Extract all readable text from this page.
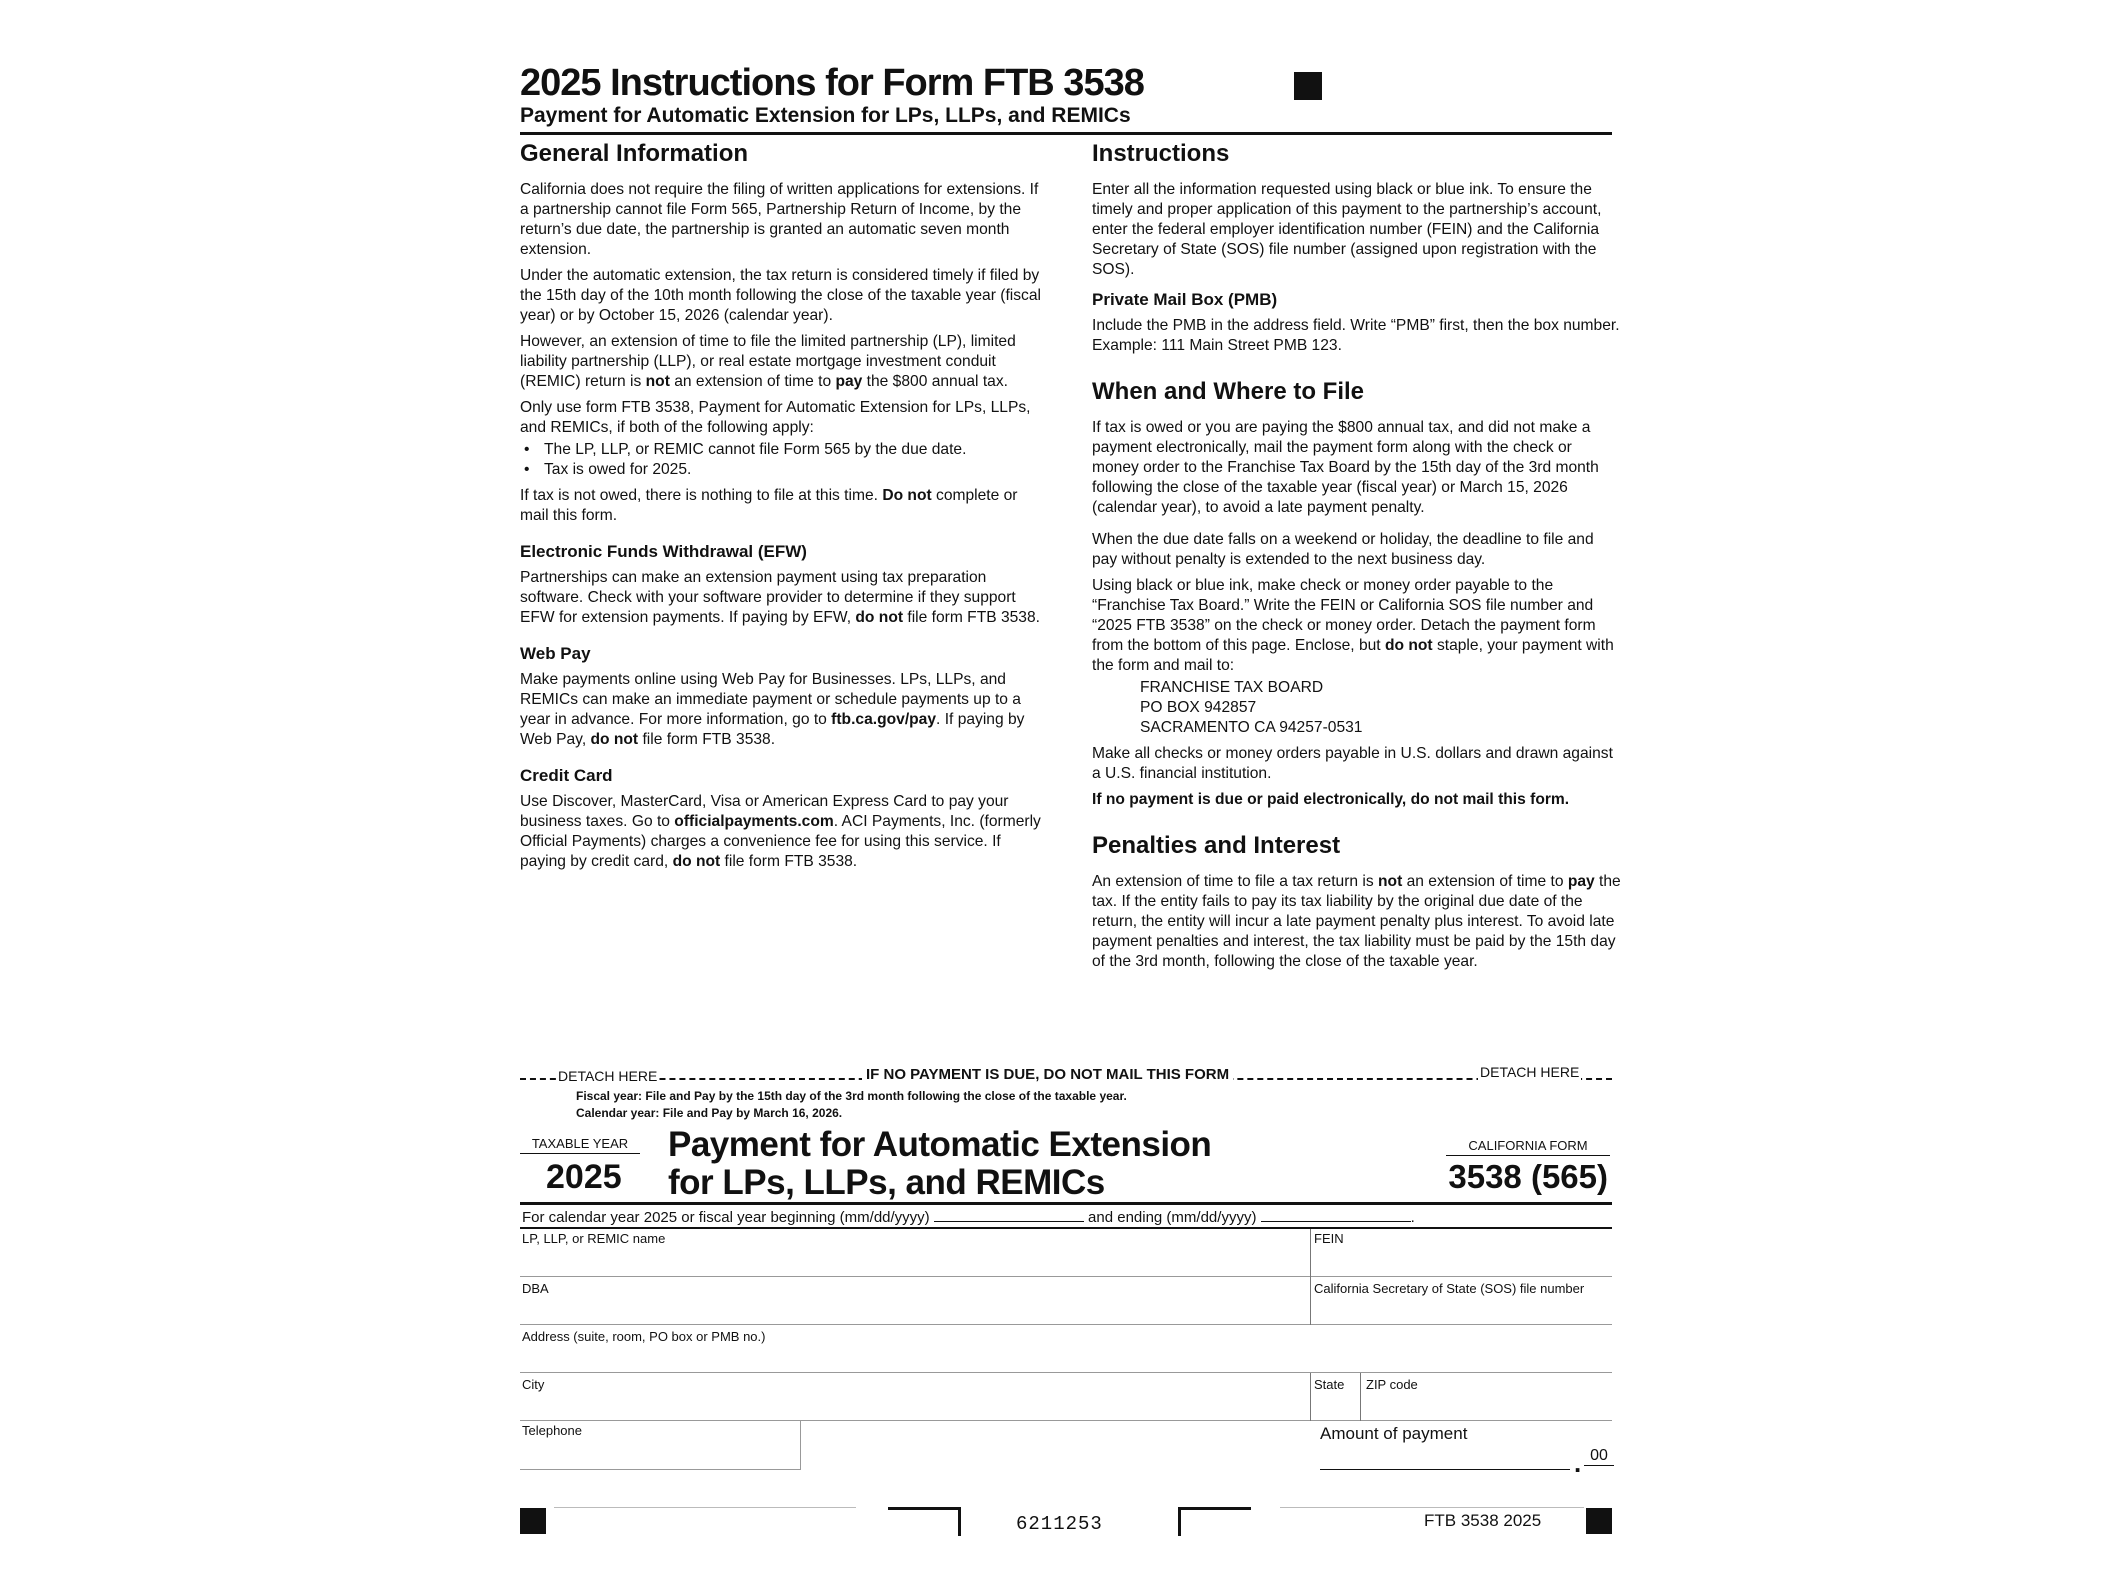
2025 Instructions for Form FTB 3538
Payment for Automatic Extension for LPs, LLPs, and REMICs
General Information

California does not require the filing of written applications for extensions. If a partnership cannot file Form 565, Partnership Return of Income, by the return’s due date, the partnership is granted an automatic seven month extension.

Under the automatic extension, the tax return is considered timely if filed by the 15th day of the 10th month following the close of the taxable year (fiscal year) or by October 15, 2026 (calendar year).

However, an extension of time to file the limited partnership (LP), limited liability partnership (LLP), or real estate mortgage investment conduit (REMIC) return is not an extension of time to pay the $800 annual tax.

Only use form FTB 3538, Payment for Automatic Extension for LPs, LLPs, and REMICs, if both of the following apply:

• The LP, LLP, or REMIC cannot file Form 565 by the due date.
• Tax is owed for 2025.

If tax is not owed, there is nothing to file at this time. Do not complete or mail this form.

Electronic Funds Withdrawal (EFW)

Partnerships can make an extension payment using tax preparation software. Check with your software provider to determine if they support EFW for extension payments. If paying by EFW, do not file form FTB 3538.

Web Pay

Make payments online using Web Pay for Businesses. LPs, LLPs, and REMICs can make an immediate payment or schedule payments up to a year in advance. For more information, go to ftb.ca.gov/pay. If paying by Web Pay, do not file form FTB 3538.

Credit Card

Use Discover, MasterCard, Visa or American Express Card to pay your business taxes. Go to officialpayments.com. ACI Payments, Inc. (formerly Official Payments) charges a convenience fee for using this service. If paying by credit card, do not file form FTB 3538.

Instructions

Enter all the information requested using black or blue ink. To ensure the timely and proper application of this payment to the partnership’s account, enter the federal employer identification number (FEIN) and the California Secretary of State (SOS) file number (assigned upon registration with the SOS).

Private Mail Box (PMB)

Include the PMB in the address field. Write “PMB” first, then the box number. Example: 111 Main Street PMB 123.

When and Where to File

If tax is owed or you are paying the $800 annual tax, and did not make a payment electronically, mail the payment form along with the check or money order to the Franchise Tax Board by the 15th day of the 3rd month following the close of the taxable year (fiscal year) or March 15, 2026 (calendar year), to avoid a late payment penalty.

When the due date falls on a weekend or holiday, the deadline to file and pay without penalty is extended to the next business day.

Using black or blue ink, make check or money order payable to the “Franchise Tax Board.” Write the FEIN or California SOS file number and “2025 FTB 3538” on the check or money order. Detach the payment form from the bottom of this page. Enclose, but do not staple, your payment with the form and mail to:

FRANCHISE TAX BOARD
PO BOX 942857
SACRAMENTO CA 94257-0531

Make all checks or money orders payable in U.S. dollars and drawn against a U.S. financial institution.

If no payment is due or paid electronically, do not mail this form.

Penalties and Interest

An extension of time to file a tax return is not an extension of time to pay the tax. If the entity fails to pay its tax liability by the original due date of the return, the entity will incur a late payment penalty plus interest. To avoid late payment penalties and interest, the tax liability must be paid by the 15th day of the 3rd month, following the close of the taxable year.

DETACH HERE	IF NO PAYMENT IS DUE, DO NOT MAIL THIS FORM	DETACH HERE
Fiscal year: File and Pay by the 15th day of the 3rd month following the close of the taxable year.
Calendar year: File and Pay by March 16, 2026.
TAXABLE YEAR
2025
Payment for Automatic Extension
for LPs, LLPs, and REMICs
CALIFORNIA FORM
3538 (565)
For calendar year 2025 or fiscal year beginning (mm/dd/yyyy)	and ending (mm/dd/yyyy)	.
LP, LLP, or REMIC name	FEIN
DBA	California Secretary of State (SOS) file number
Address (suite, room, PO box or PMB no.)
City	State ZIP code
Telephone	Amount of payment
. 00
6211253	FTB 3538 2025
